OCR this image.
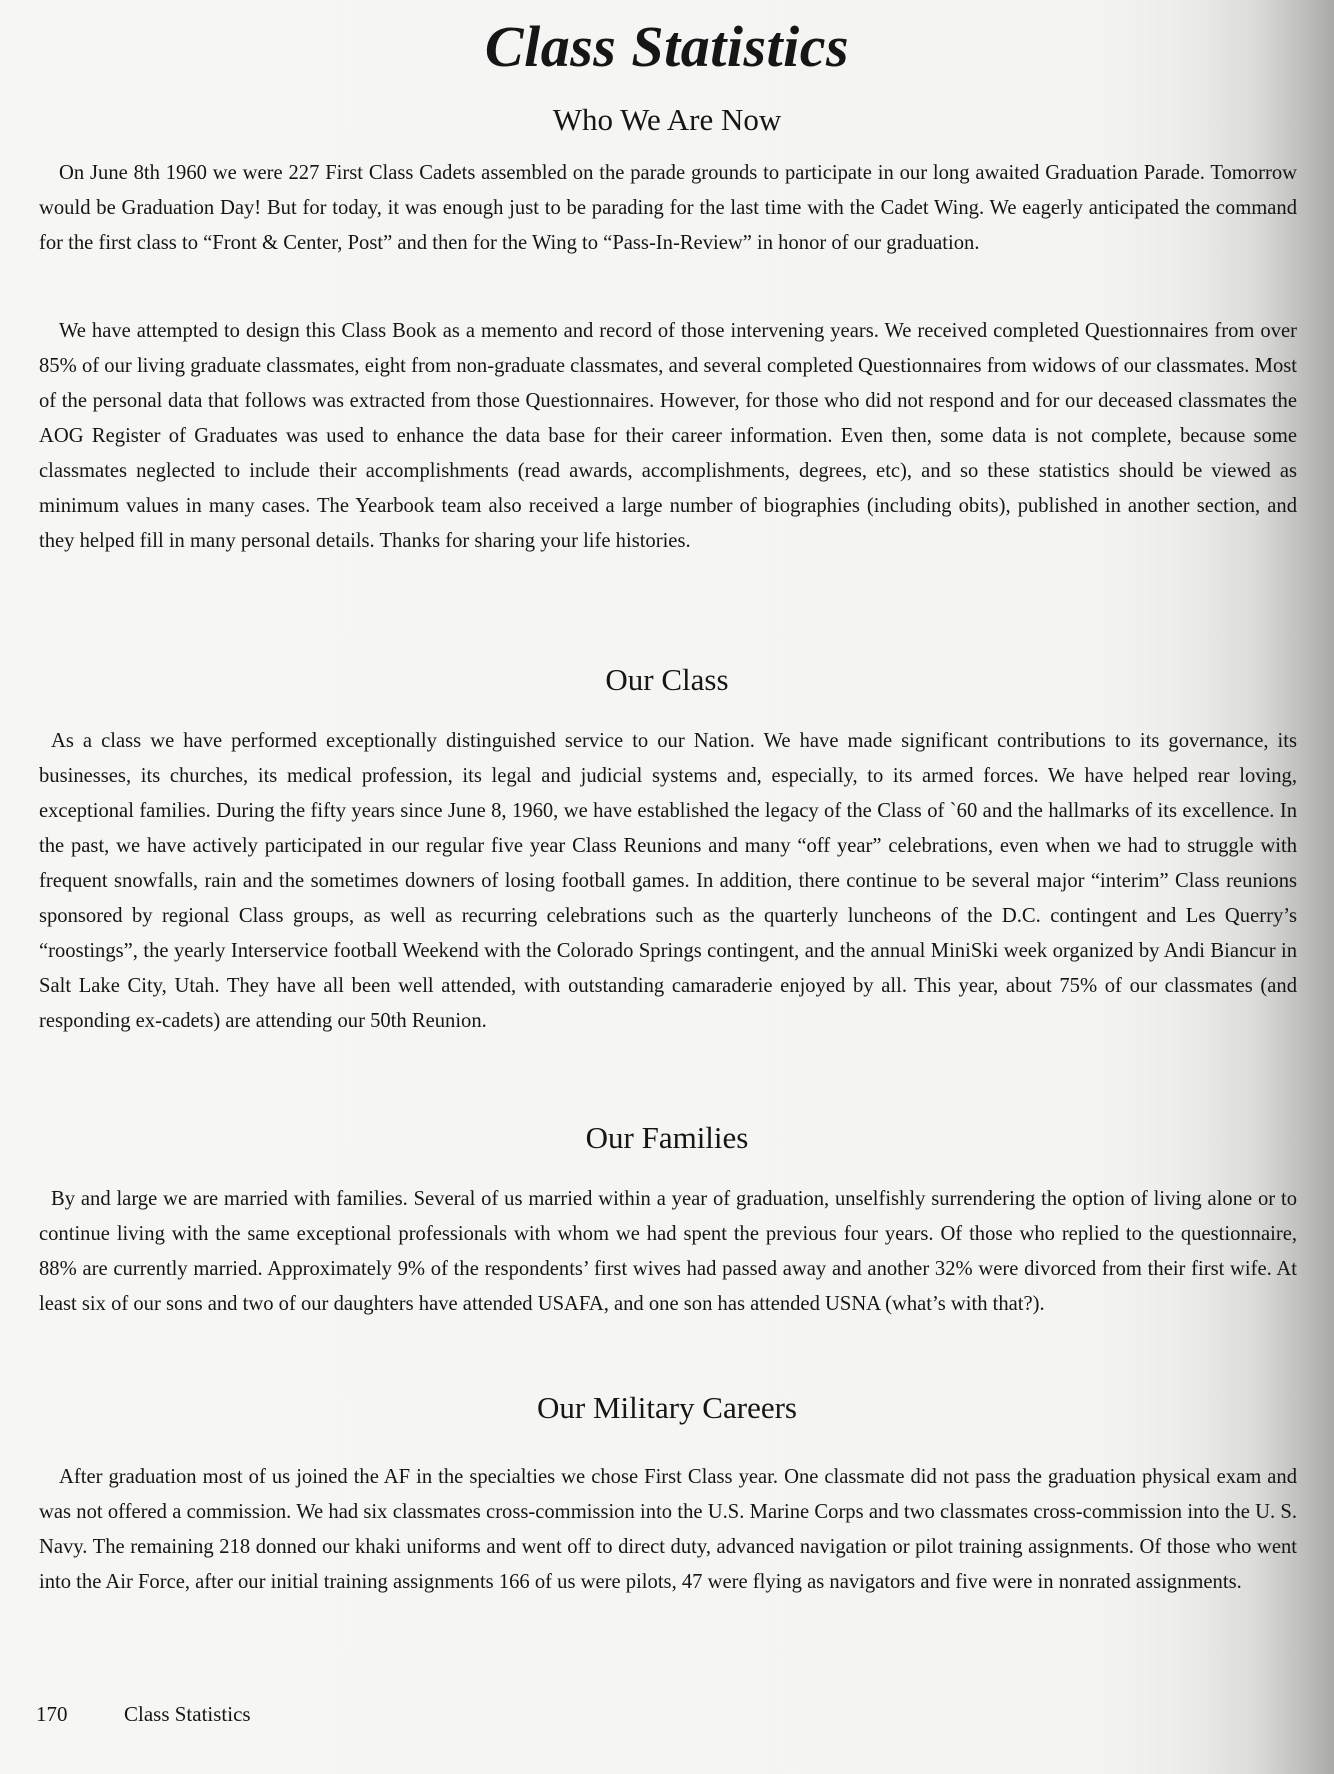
Class Statistics
Who We Are Now

On June 8th 1960 we were 227 First Class Cadets assembled on the parade grounds to participate in our long awaited Graduation Parade. Tomorrow would be Graduation Day! But for today, it was enough just to be parading for the last time with the Cadet Wing. We eagerly anticipated the command for the first class to “Front & Center, Post” and then for the Wing to “Pass-In-Review” in honor of our graduation.

We have attempted to design this Class Book as a memento and record of those intervening years. We received completed Questionnaires from over 85% of our living graduate classmates, eight from non-graduate classmates, and several completed Questionnaires from widows of our classmates. Most of the personal data that follows was extracted from those Questionnaires. However, for those who did not respond and for our deceased classmates the AOG Register of Graduates was used to enhance the data base for their career information. Even then, some data is not complete, because some classmates neglected to include their accomplishments (read awards, accomplishments, degrees, etc), and so these statistics should be viewed as minimum values in many cases. The Yearbook team also received a large number of biographies (including obits), published in another section, and they helped fill in many personal details. Thanks for sharing your life histories.

Our Class

As a class we have performed exceptionally distinguished service to our Nation. We have made significant contributions to its governance, its businesses, its churches, its medical profession, its legal and judicial systems and, especially, to its armed forces. We have helped rear loving, exceptional families. During the fifty years since June 8, 1960, we have established the legacy of the Class of `60 and the hallmarks of its excellence. In the past, we have actively participated in our regular five year Class Reunions and many “off year” celebrations, even when we had to struggle with frequent snowfalls, rain and the sometimes downers of losing football games. In addition, there continue to be several major “interim” Class reunions sponsored by regional Class groups, as well as recurring celebrations such as the quarterly luncheons of the D.C. contingent and Les Querry’s “roostings”, the yearly Interservice football Weekend with the Colorado Springs contingent, and the annual MiniSki week organized by Andi Biancur in Salt Lake City, Utah. They have all been well attended, with outstanding camaraderie enjoyed by all. This year, about 75% of our classmates (and responding ex-cadets) are attending our 50th Reunion.

Our Families

By and large we are married with families. Several of us married within a year of graduation, unselfishly surrendering the option of living alone or to continue living with the same exceptional professionals with whom we had spent the previous four years. Of those who replied to the questionnaire, 88% are currently married. Approximately 9% of the respondents’ first wives had passed away and another 32% were divorced from their first wife. At least six of our sons and two of our daughters have attended USAFA, and one son has attended USNA (what’s with that?).

Our Military Careers

After graduation most of us joined the AF in the specialties we chose First Class year. One classmate did not pass the graduation physical exam and was not offered a commission. We had six classmates cross-commission into the U.S. Marine Corps and two classmates cross-commission into the U. S. Navy. The remaining 218 donned our khaki uniforms and went off to direct duty, advanced navigation or pilot training assignments. Of those who went into the Air Force, after our initial training assignments 166 of us were pilots, 47 were flying as navigators and five were in nonrated assignments.

170	Class Statistics
